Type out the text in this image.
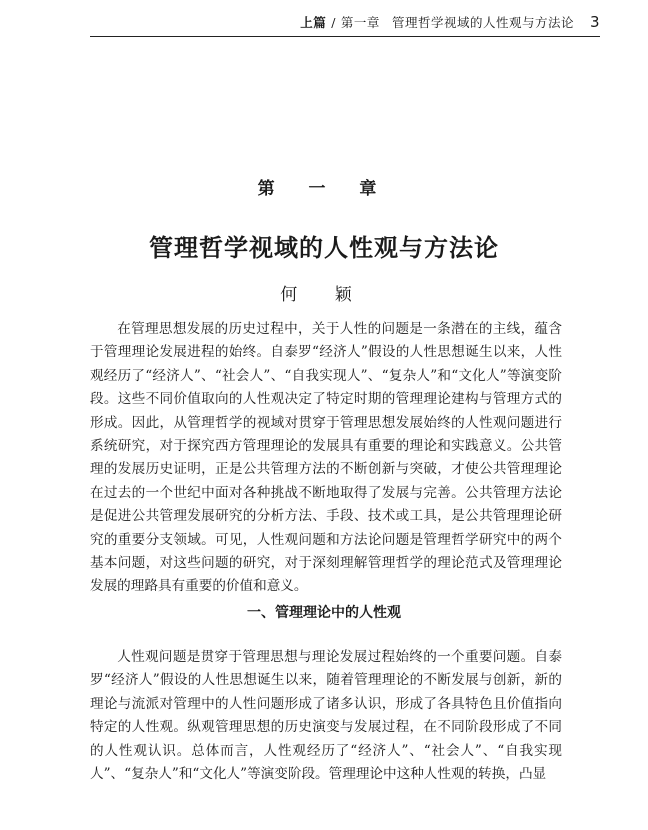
上篇 / 第一章 管理哲学视域的人性观与方法论 3
第 一 章
管理哲学视域的人性观与方法论
何 颖

在管理思想发展的历史过程中，关于人性的问题是一条潜在的主线，蕴含于管理理论发展进程的始终。自泰罗“经济人”假设的人性思想诞生以来，人性观经历了“经济人”、“社会人”、“自我实现人”、“复杂人”和“文化人”等演变阶段。这些不同价值取向的人性观决定了特定时期的管理理论建构与管理方式的形成。因此，从管理哲学的视域对贯穿于管理思想发展始终的人性观问题进行系统研究，对于探究西方管理理论的发展具有重要的理论和实践意义。公共管理的发展历史证明，正是公共管理方法的不断创新与突破，才使公共管理理论在过去的一个世纪中面对各种挑战不断地取得了发展与完善。公共管理方法论是促进公共管理发展研究的分析方法、手段、技术或工具，是公共管理理论研究的重要分支领域。可见，人性观问题和方法论问题是管理哲学研究中的两个基本问题，对这些问题的研究，对于深刻理解管理哲学的理论范式及管理理论发展的理路具有重要的价值和意义。

一、管理理论中的人性观

人性观问题是贯穿于管理思想与理论发展过程始终的一个重要问题。自泰罗“经济人”假设的人性思想诞生以来，随着管理理论的不断发展与创新，新的理论与流派对管理中的人性问题形成了诸多认识，形成了各具特色且价值指向特定的人性观。纵观管理思想的历史演变与发展过程，在不同阶段形成了不同的人性观认识。总体而言，人性观经历了“经济人”、“社会人”、“自我实现人”、“复杂人”和“文化人”等演变阶段。管理理论中这种人性观的转换，凸显
